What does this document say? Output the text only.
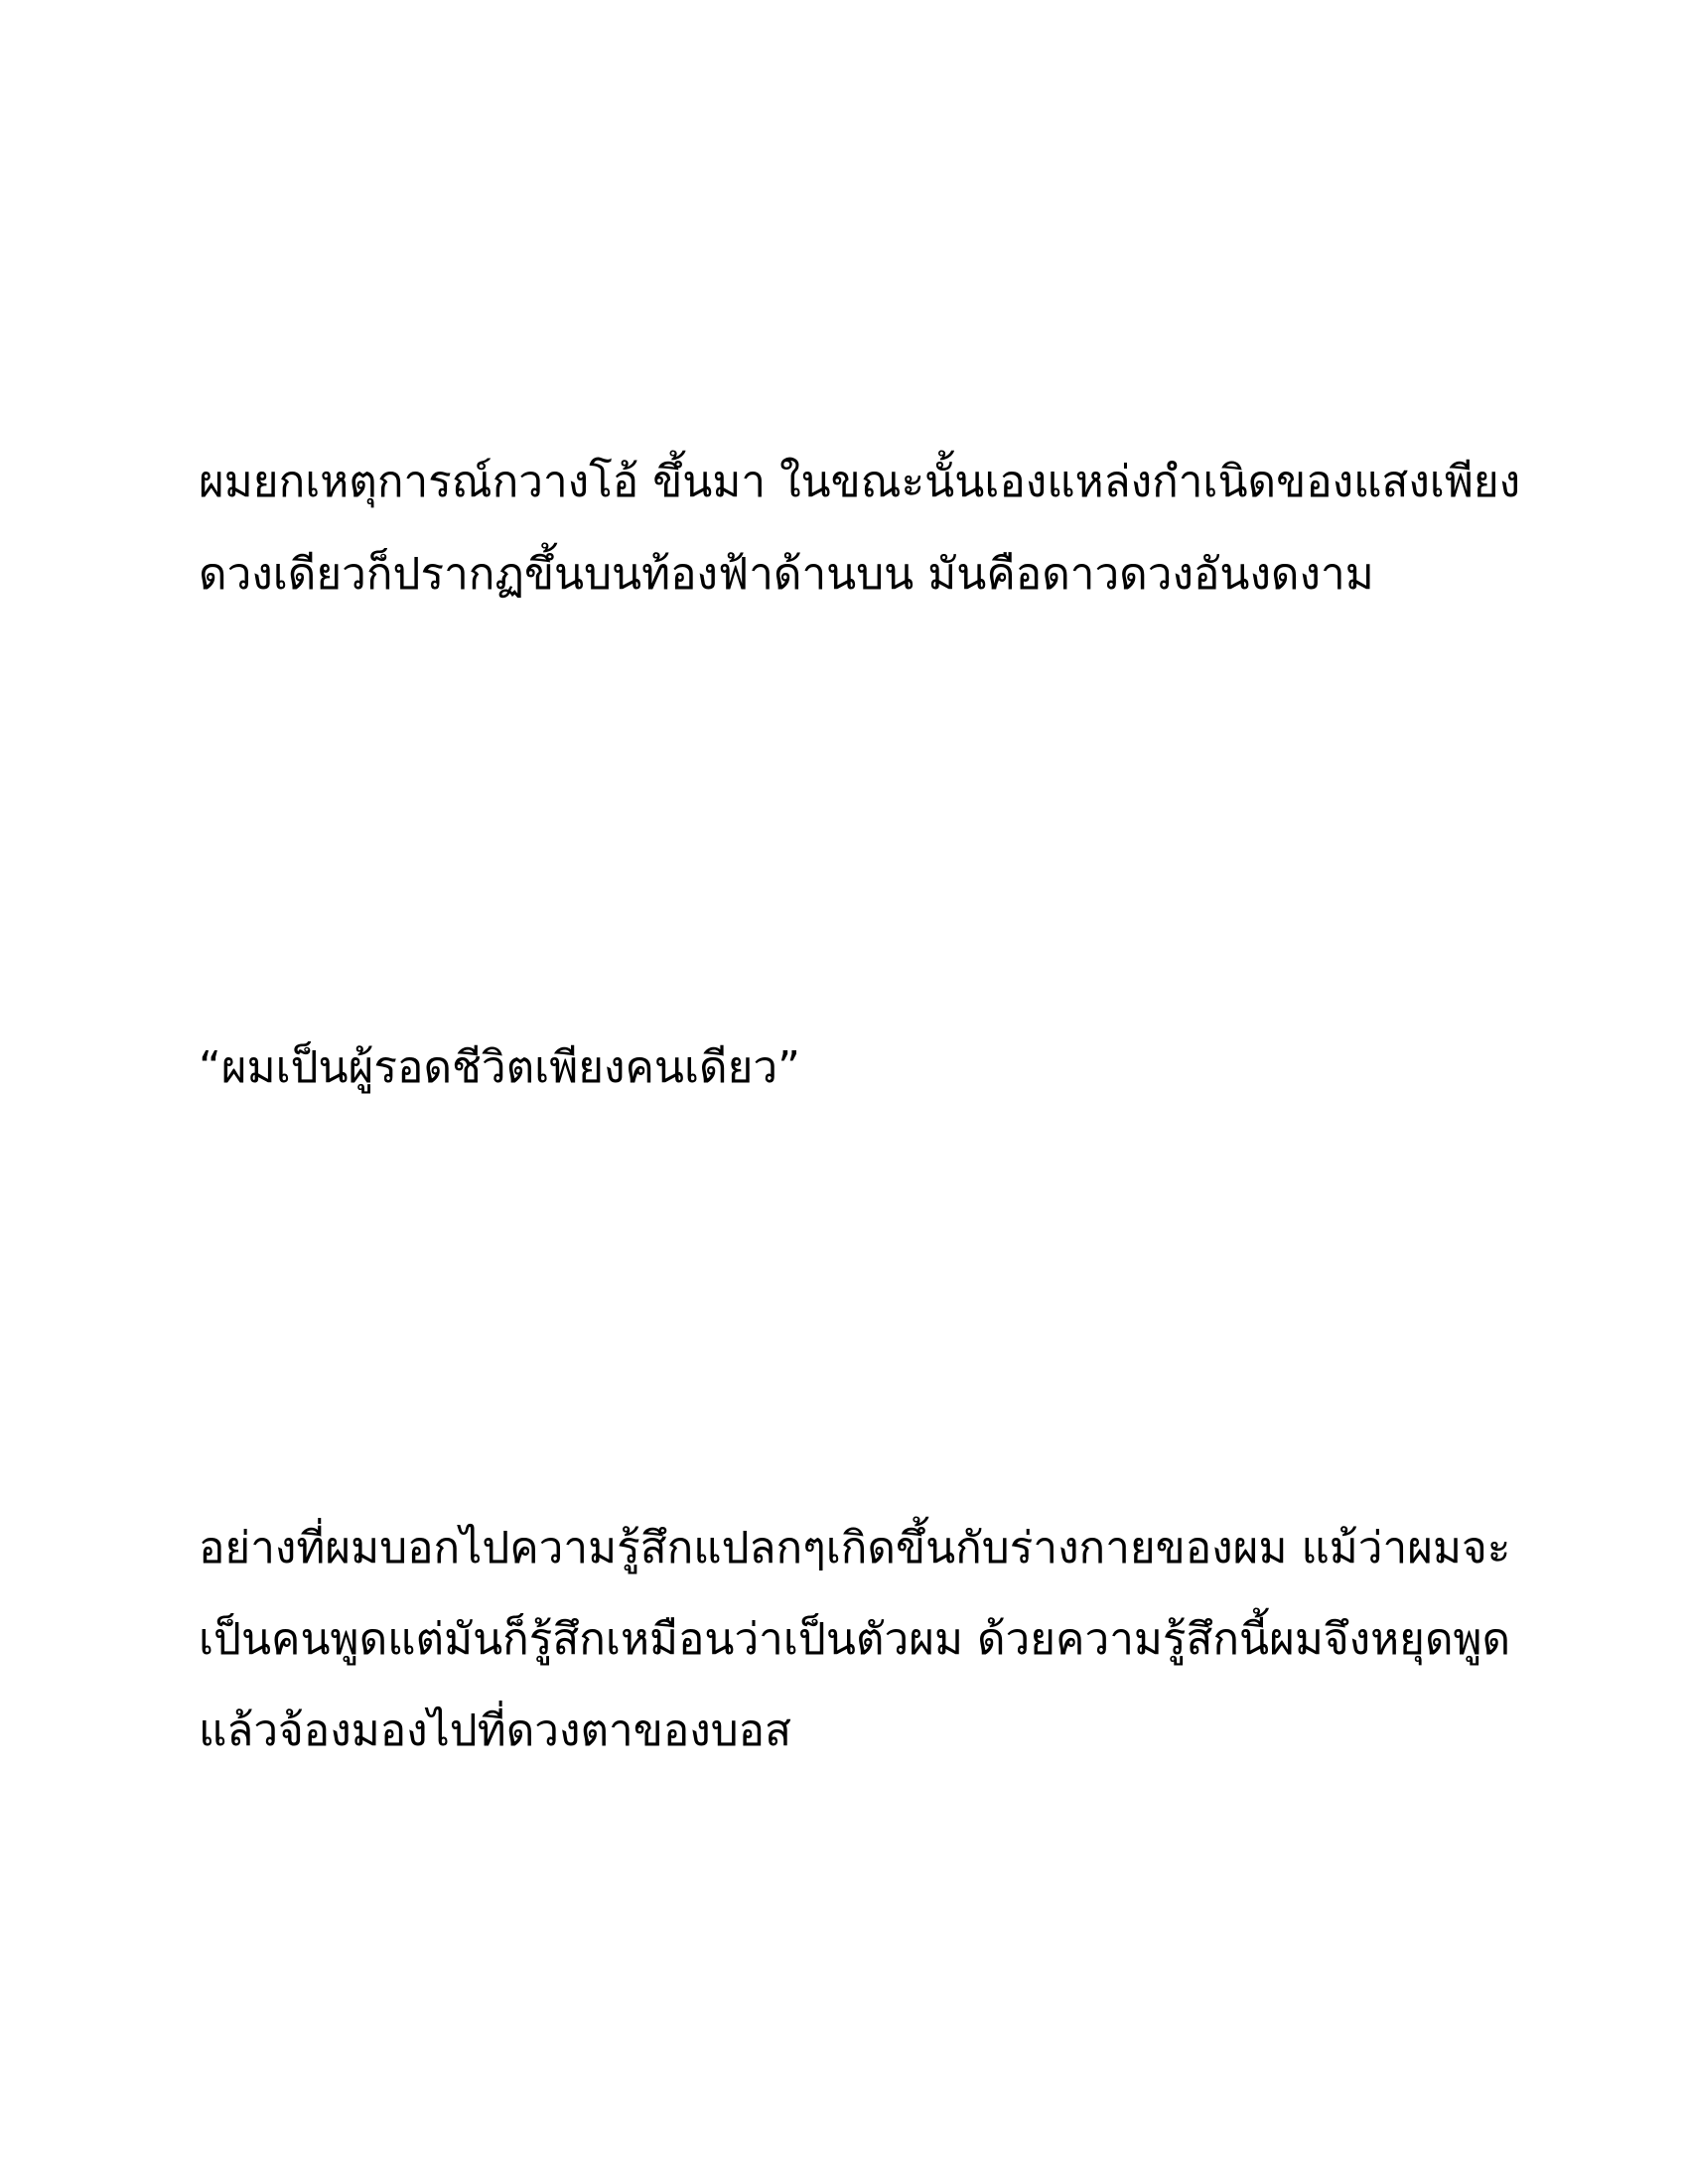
ผมยกเหตุการณ์กวางโอ้ ขึ้นมา ในขณะนั้นเองแหล่งกำเนิดของแสงเพียง

ดวงเดียวก็ปรากฏขึ้นบนท้องฟ้าด้านบน มันคือดาวดวงอันงดงาม

“ผมเป็นผู้รอดชีวิตเพียงคนเดียว”

อย่างที่ผมบอกไปความรู้สึกแปลกๆเกิดขึ้นกับร่างกายของผม แม้ว่าผมจะ

เป็นคนพูดแต่มันก็รู้สึกเหมือนว่าเป็นตัวผม ด้วยความรู้สึกนี้ผมจึงหยุดพูด

แล้วจ้องมองไปที่ดวงตาของบอส
